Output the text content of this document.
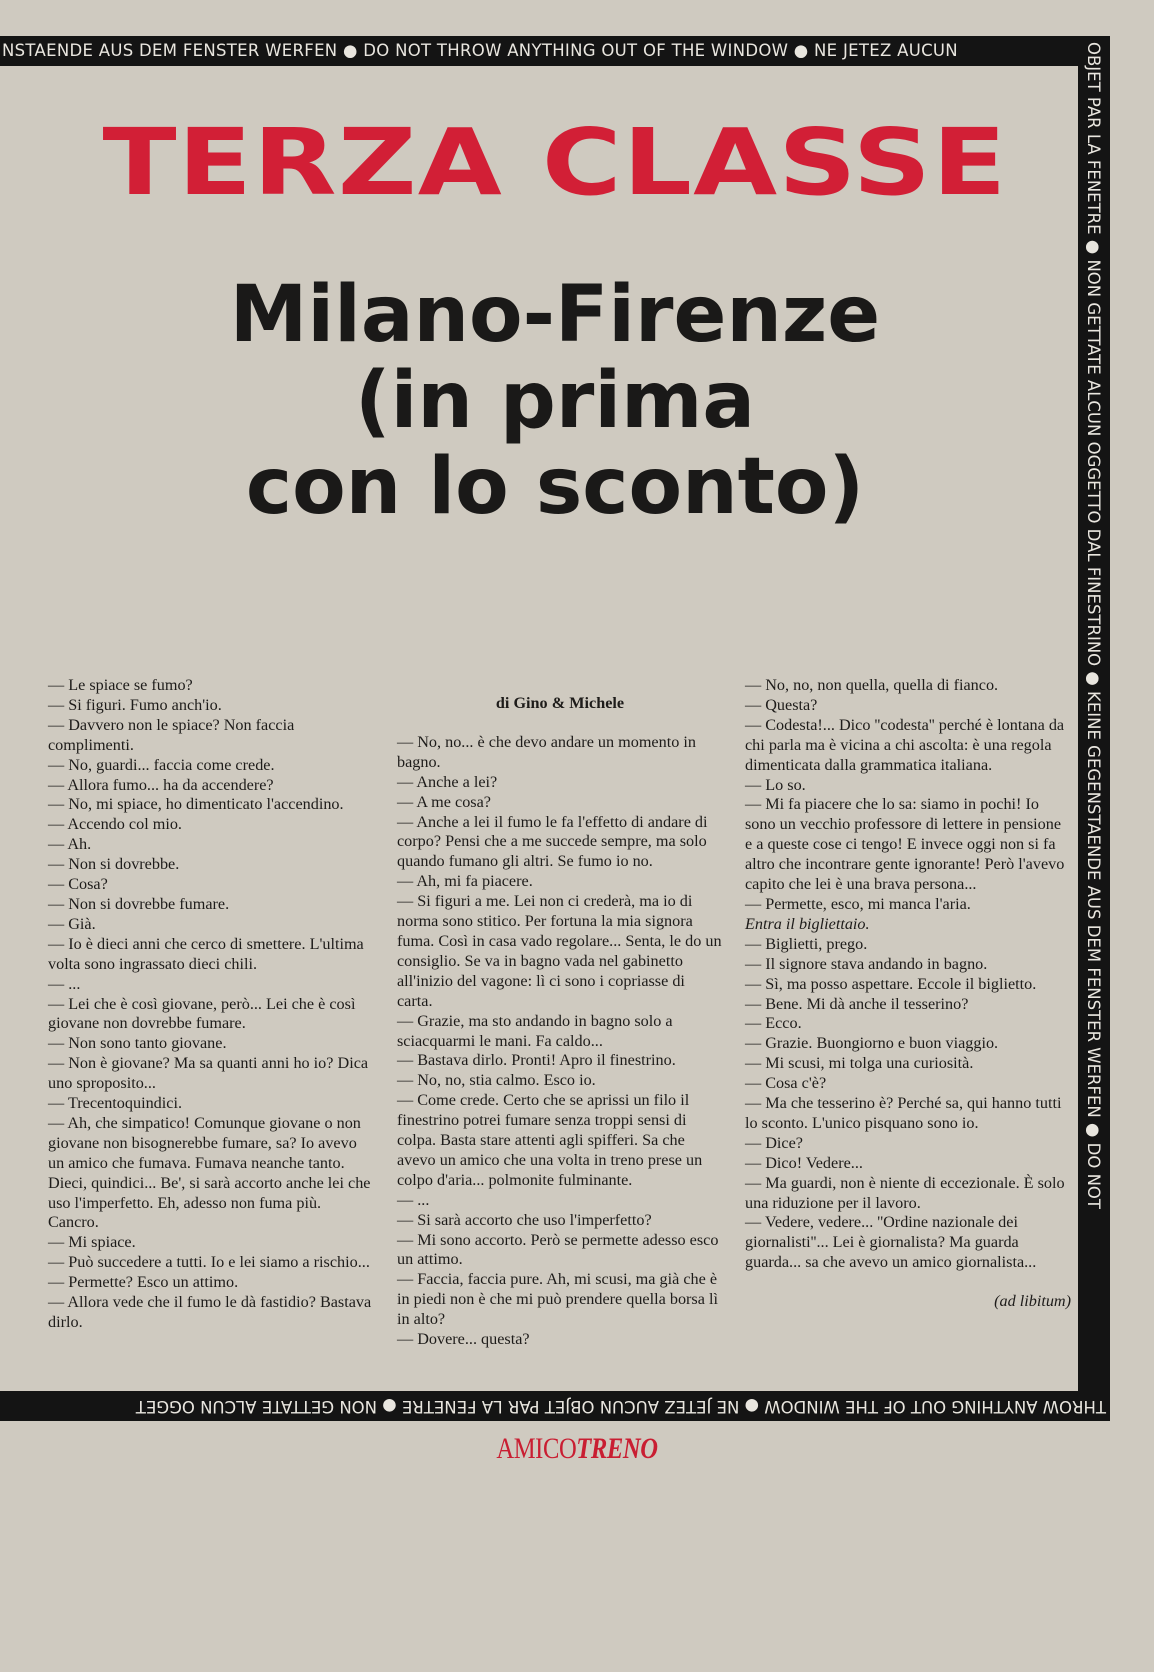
NSTAENDE AUS DEM FENSTER WERFEN ● DO NOT THROW ANYTHING OUT OF THE WINDOW ● NE JETEZ AUCUN	OBJET PAR LA FENETRE ● NON GETTATE ALCUN OGGETTO DAL FINESTRINO ● KEINE GEGENSTAENDE AUS DEM FENSTER WERFEN ● DO NOT
THROW ANYTHING OUT OF THE WINDOW ● NE JETEZ AUCUN OBJET PAR LA FENETRE ● NON GETTATE ALCUN OGGET
TERZA CLASSE
Milano-Firenze
(in prima
con lo sconto)

— Le spiace se fumo?

— Si figuri. Fumo anch'io.

— Davvero non le spiace? Non faccia complimenti.

— No, guardi... faccia come crede.

— Allora fumo... ha da accendere?

— No, mi spiace, ho dimenticato l'accendino.

— Accendo col mio.

— Ah.

— Non si dovrebbe.

— Cosa?

— Non si dovrebbe fumare.

— Già.

— Io è dieci anni che cerco di smettere. L'ultima volta sono ingrassato dieci chili.

— ...

— Lei che è così giovane, però... Lei che è così giovane non dovrebbe fumare.

— Non sono tanto giovane.

— Non è giovane? Ma sa quanti anni ho io? Dica uno sproposito...

— Trecentoquindici.

— Ah, che simpatico! Comunque giovane o non giovane non bisognerebbe fumare, sa? Io avevo un amico che fumava. Fumava neanche tanto. Dieci, quindici... Be', si sarà accorto anche lei che uso l'imperfetto. Eh, adesso non fuma più. Cancro.

— Mi spiace.

— Può succedere a tutti. Io e lei siamo a rischio...

— Permette? Esco un attimo.

— Allora vede che il fumo le dà fastidio? Bastava dirlo.

di Gino & Michele

— No, no... è che devo andare un momento in bagno.

— Anche a lei?

— A me cosa?

— Anche a lei il fumo le fa l'effetto di andare di corpo? Pensi che a me succede sempre, ma solo quando fumano gli altri. Se fumo io no.

— Ah, mi fa piacere.

— Si figuri a me. Lei non ci crederà, ma io di norma sono stitico. Per fortuna la mia signora fuma. Così in casa vado regolare... Senta, le do un consiglio. Se va in bagno vada nel gabinetto all'inizio del vagone: lì ci sono i copriasse di carta.

— Grazie, ma sto andando in bagno solo a sciacquarmi le mani. Fa caldo...

— Bastava dirlo. Pronti! Apro il finestrino.

— No, no, stia calmo. Esco io.

— Come crede. Certo che se aprissi un filo il finestrino potrei fumare senza troppi sensi di colpa. Basta stare attenti agli spifferi. Sa che avevo un amico che una volta in treno prese un colpo d'aria... polmonite fulminante.

— ...

— Si sarà accorto che uso l'imperfetto?

— Mi sono accorto. Però se permette adesso esco un attimo.

— Faccia, faccia pure. Ah, mi scusi, ma già che è in piedi non è che mi può prendere quella borsa lì in alto?

— Dovere... questa?

— No, no, non quella, quella di fianco.

— Questa?

— Codesta!... Dico ''codesta'' perché è lontana da chi parla ma è vicina a chi ascolta: è una regola dimenticata dalla grammatica italiana.

— Lo so.

— Mi fa piacere che lo sa: siamo in pochi! Io sono un vecchio professore di lettere in pensione e a queste cose ci tengo! E invece oggi non si fa altro che incontrare gente ignorante! Però l'avevo capito che lei è una brava persona...

— Permette, esco, mi manca l'aria.

Entra il bigliettaio.

— Biglietti, prego.

— Il signore stava andando in bagno.

— Sì, ma posso aspettare. Eccole il biglietto.

— Bene. Mi dà anche il tesserino?

— Ecco.

— Grazie. Buongiorno e buon viaggio.

— Mi scusi, mi tolga una curiosità.

— Cosa c'è?

— Ma che tesserino è? Perché sa, qui hanno tutti lo sconto. L'unico pisquano sono io.

— Dice?

— Dico! Vedere...

— Ma guardi, non è niente di eccezionale. È solo una riduzione per il lavoro.

— Vedere, vedere... ''Ordine nazionale dei giornalisti''... Lei è giornalista? Ma guarda guarda... sa che avevo un amico giornalista...

(ad libitum)

AMICOTRENO
